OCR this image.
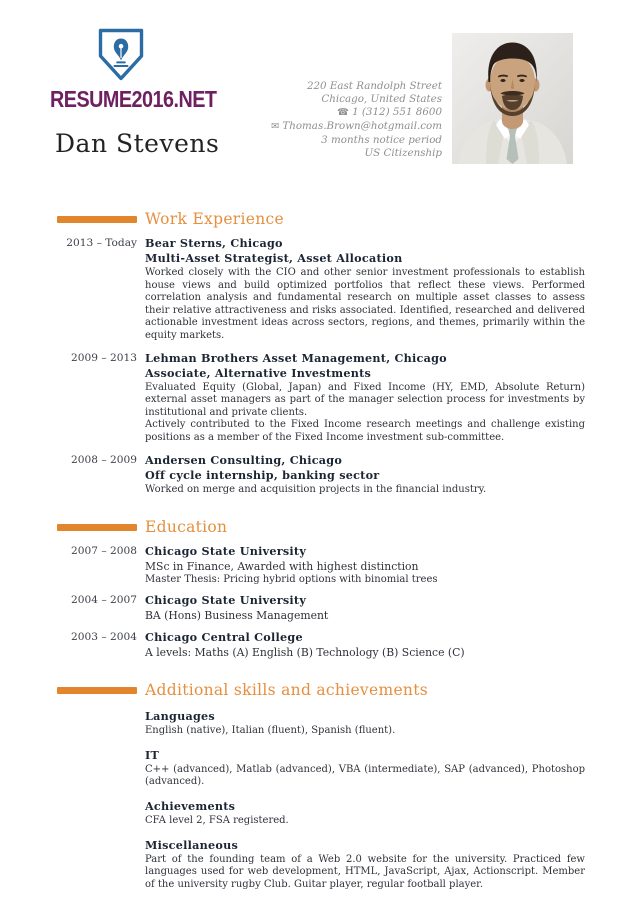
RESUME2016.NET
Dan Stevens
220 East Randolph Street
Chicago, United States
☎ 1 (312) 551 8600
✉ Thomas.Brown@hotgmail.com
3 months notice period
US Citizenship
Work Experience
2013 – Today Bear Sterns, Chicago
Multi-Asset Strategist, Asset Allocation
Worked closely with the CIO and other senior investment professionals to establish house views and build optimized portfolios that reflect these views. Performed correlation analysis and fundamental research on multiple asset classes to assess their relative attractiveness and risks associated. Identified, researched and delivered actionable investment ideas across sectors, regions, and themes, primarily within the equity markets.
2009 – 2013 Lehman Brothers Asset Management, Chicago
Associate, Alternative Investments
Evaluated Equity (Global, Japan) and Fixed Income (HY, EMD, Absolute Return) external asset managers as part of the manager selection process for investments by institutional and private clients.
Actively contributed to the Fixed Income research meetings and challenge existing positions as a member of the Fixed Income investment sub-committee.
2008 – 2009 Andersen Consulting, Chicago
Off cycle internship, banking sector
Worked on merge and acquisition projects in the financial industry.
Education
2007 – 2008 Chicago State University
MSc in Finance, Awarded with highest distinction
Master Thesis: Pricing hybrid options with binomial trees
2004 – 2007 Chicago State University
BA (Hons) Business Management
2003 – 2004 Chicago Central College
A levels: Maths (A) English (B) Technology (B) Science (C)
Additional skills and achievements
Languages
English (native), Italian (fluent), Spanish (fluent).
IT
C++ (advanced), Matlab (advanced), VBA (intermediate), SAP (advanced), Photoshop (advanced).
Achievements
CFA level 2, FSA registered.
Miscellaneous
Part of the founding team of a Web 2.0 website for the university. Practiced few languages used for web development, HTML, JavaScript, Ajax, Actionscript. Member of the university rugby Club. Guitar player, regular football player.
